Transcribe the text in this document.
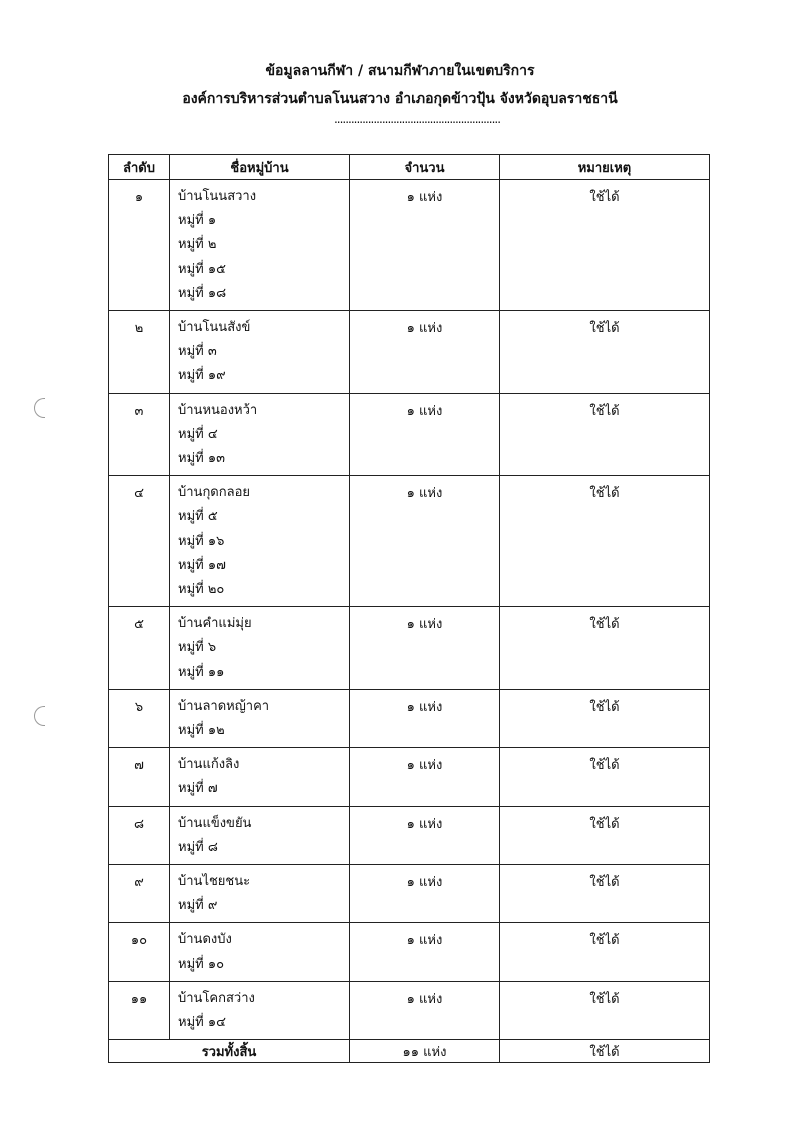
ข้อมูลลานกีฬา / สนามกีฬาภายในเขตบริการ
องค์การบริหารส่วนตำบลโนนสวาง อำเภอกุดข้าวปุ้น จังหวัดอุบลราชธานี
...........................................................
ลำดับ	ชื่อหมู่บ้าน	จำนวน	หมายเหตุ
๑	บ้านโนนสวาง
หมู่ที่ ๑
หมู่ที่ ๒
หมู่ที่ ๑๕
หมู่ที่ ๑๘	๑ แห่ง	ใช้ได้
๒	บ้านโนนสังข์
หมู่ที่ ๓
หมู่ที่ ๑๙	๑ แห่ง	ใช้ได้
๓	บ้านหนองหว้า
หมู่ที่ ๔
หมู่ที่ ๑๓	๑ แห่ง	ใช้ได้
๔	บ้านกุดกลอย
หมู่ที่ ๕
หมู่ที่ ๑๖
หมู่ที่ ๑๗
หมู่ที่ ๒๐	๑ แห่ง	ใช้ได้
๕	บ้านคำแม่มุ่ย
หมู่ที่ ๖
หมู่ที่ ๑๑	๑ แห่ง	ใช้ได้
๖	บ้านลาดหญ้าคา
หมู่ที่ ๑๒	๑ แห่ง	ใช้ได้
๗	บ้านแก้งลิง
หมู่ที่ ๗	๑ แห่ง	ใช้ได้
๘	บ้านแข็งขยัน
หมู่ที่ ๘	๑ แห่ง	ใช้ได้
๙	บ้านไชยชนะ
หมู่ที่ ๙	๑ แห่ง	ใช้ได้
๑๐	บ้านดงบัง
หมู่ที่ ๑๐	๑ แห่ง	ใช้ได้
๑๑	บ้านโคกสว่าง
หมู่ที่ ๑๔	๑ แห่ง	ใช้ได้
รวมทั้งสิ้น		๑๑ แห่ง	ใช้ได้
